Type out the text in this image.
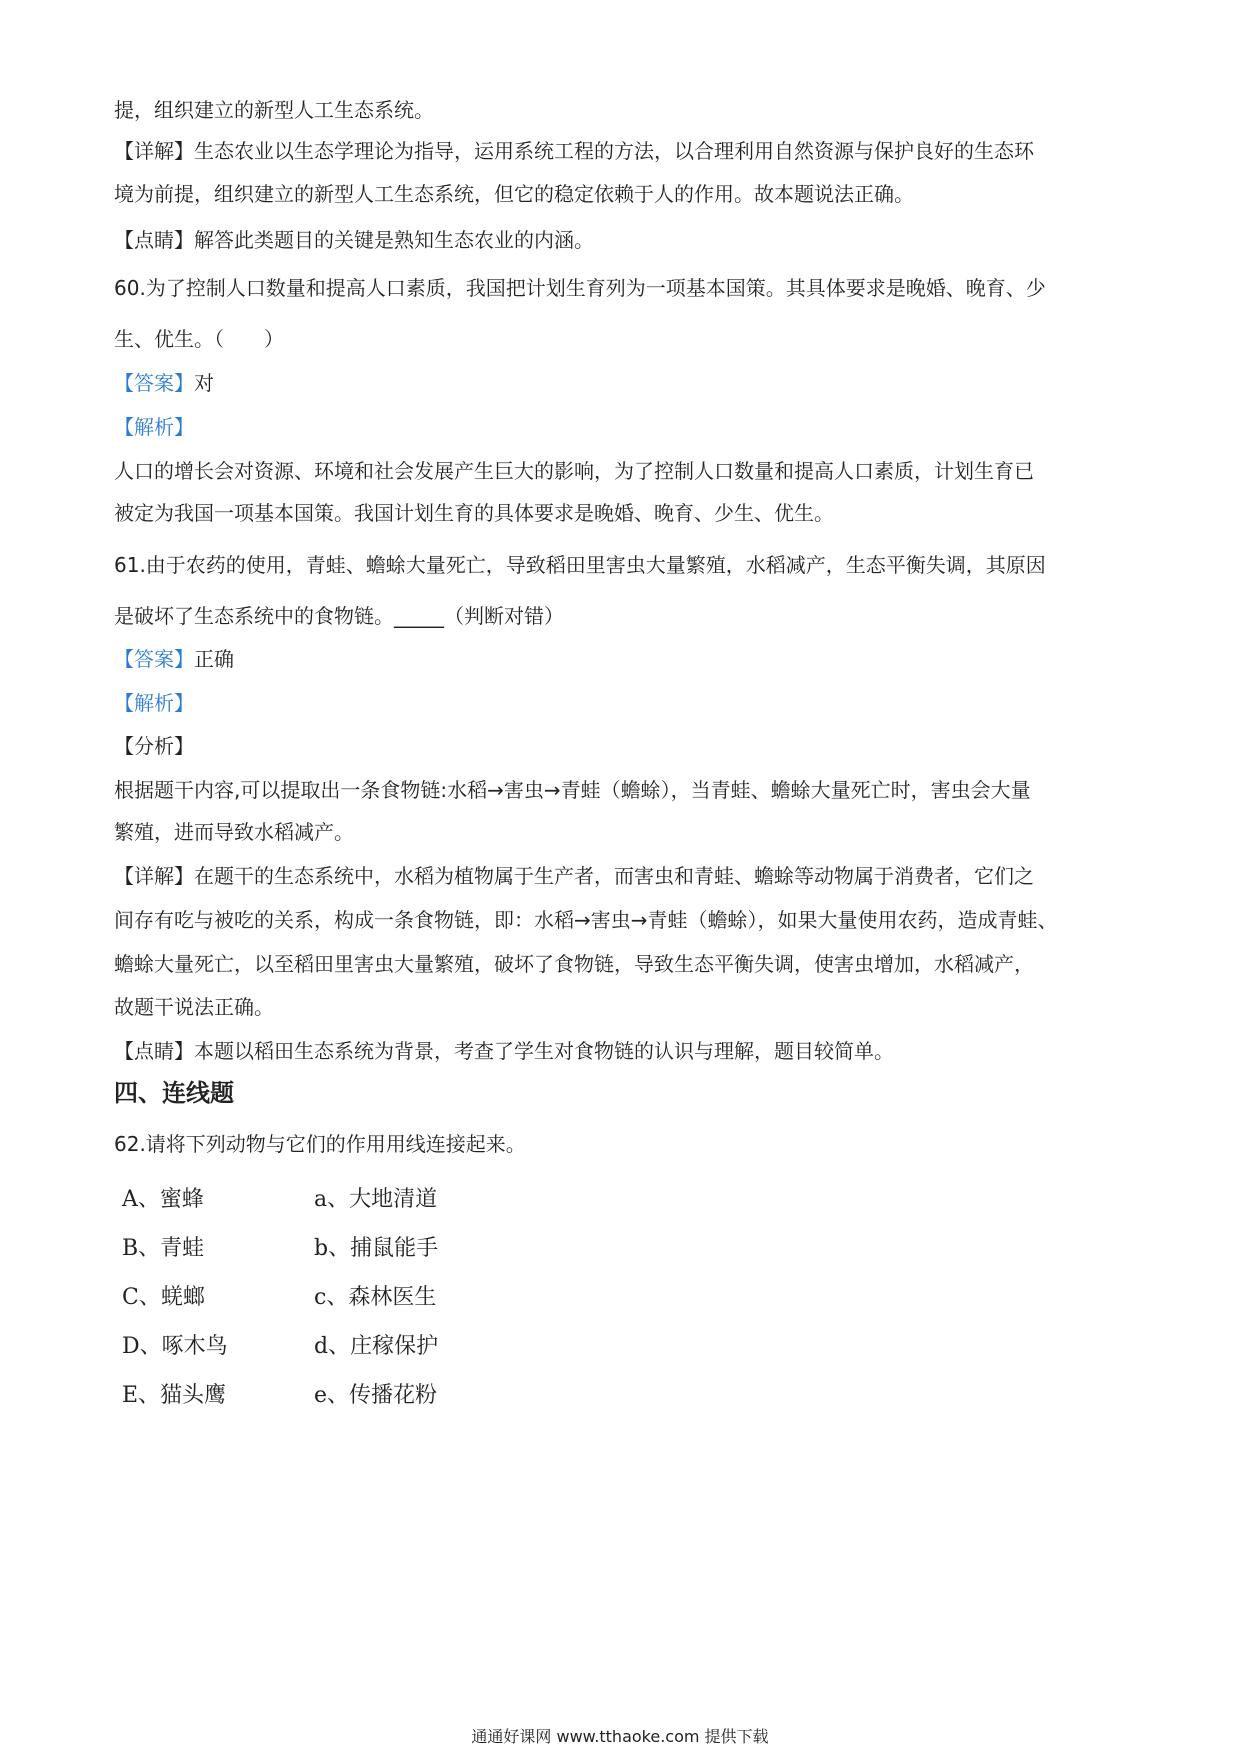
提，组织建立的新型人工生态系统。
【详解】生态农业以生态学理论为指导，运用系统工程的方法，以合理利用自然资源与保护良好的生态环
境为前提，组织建立的新型人工生态系统，但它的稳定依赖于人的作用。故本题说法正确。
【点睛】解答此类题目的关键是熟知生态农业的内涵。
60.为了控制人口数量和提高人口素质，我国把计划生育列为一项基本国策。其具体要求是晚婚、晚育、少
生、优生。（　　）
【答案】对
【解析】
人口的增长会对资源、环境和社会发展产生巨大的影响，为了控制人口数量和提高人口素质，计划生育已
被定为我国一项基本国策。我国计划生育的具体要求是晚婚、晚育、少生、优生。
61.由于农药的使用，青蛙、蟾蜍大量死亡，导致稻田里害虫大量繁殖，水稻减产，生态平衡失调，其原因
是破坏了生态系统中的食物链。_____（判断对错）
【答案】正确
【解析】
【分析】
根据题干内容,可以提取出一条食物链:水稻→害虫→青蛙（蟾蜍），当青蛙、蟾蜍大量死亡时，害虫会大量
繁殖，进而导致水稻减产。
【详解】在题干的生态系统中，水稻为植物属于生产者，而害虫和青蛙、蟾蜍等动物属于消费者，它们之
间存有吃与被吃的关系，构成一条食物链，即：水稻→害虫→青蛙（蟾蜍），如果大量使用农药，造成青蛙、
蟾蜍大量死亡，以至稻田里害虫大量繁殖，破坏了食物链，导致生态平衡失调，使害虫增加，水稻减产，
故题干说法正确。
【点睛】本题以稻田生态系统为背景，考查了学生对食物链的认识与理解，题目较简单。
四、连线题
62.请将下列动物与它们的作用用线连接起来。
A、蜜蜂
B、青蛙
C、蜣螂
D、啄木鸟
E、猫头鹰
a、大地清道
b、捕鼠能手
c、森林医生
d、庄稼保护
e、传播花粉
通通好课网 www.tthaoke.com 提供下载
